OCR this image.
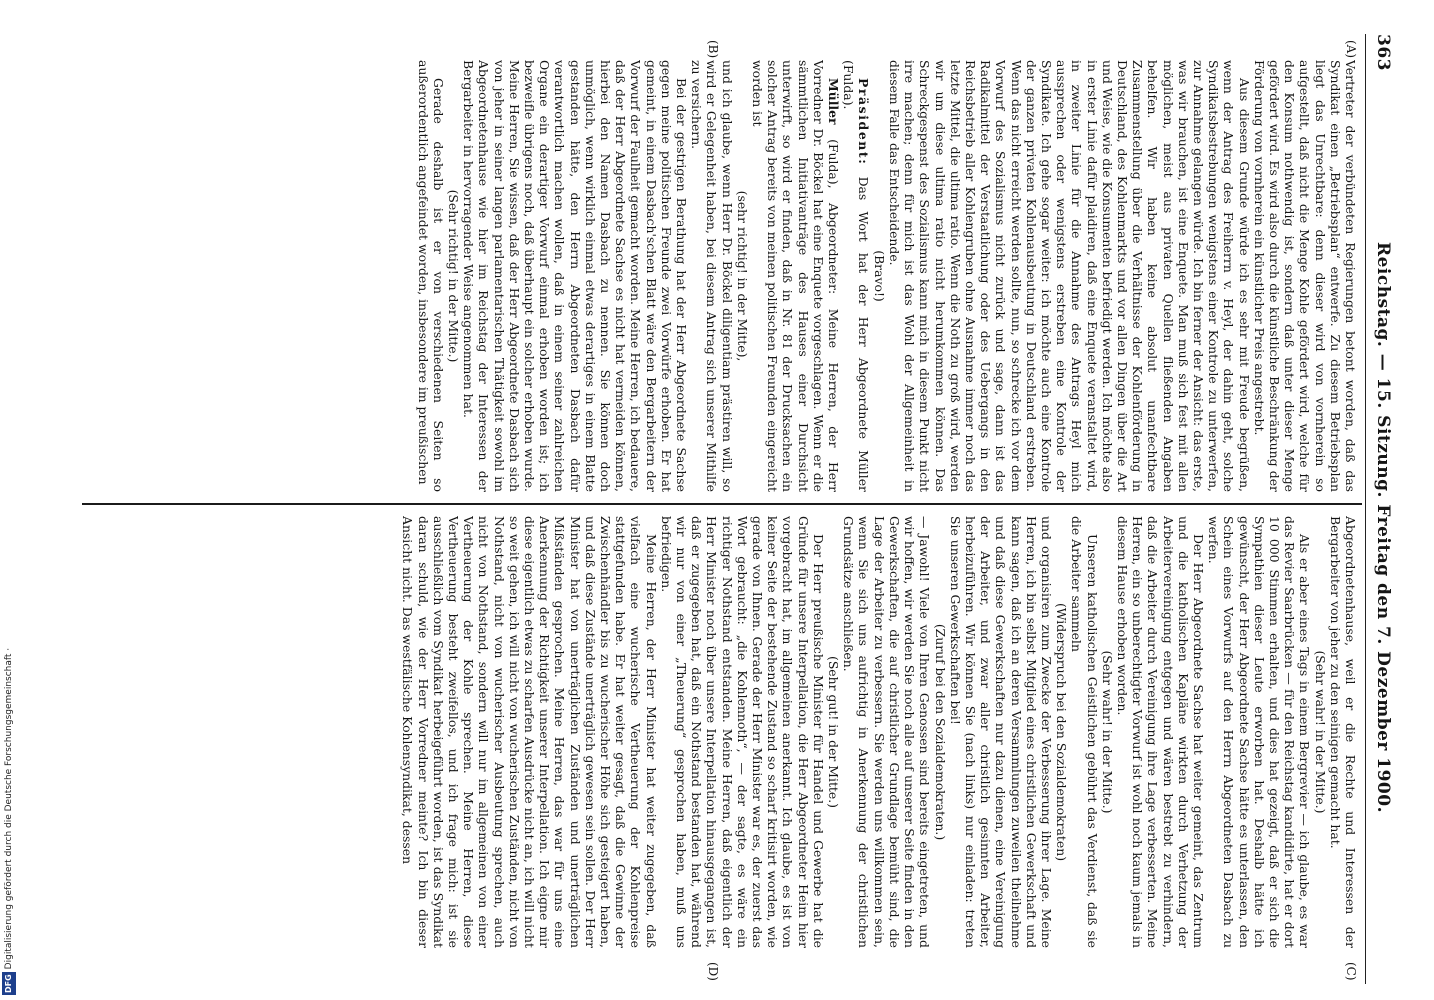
363
Reichstag. — 15. Sitzung. Freitag den 7. Dezember 1900.
(A)
(B)
(C)
(D)

Vertreter der verbündeten Regierungen betont worden, daß das Syndikat einen „Betriebsplan“ entwerfe. Zu diesem Betriebsplan liegt das Unrechtbare: denn dieser wird von vornherein so aufgestellt, daß nicht die Menge Kohle gefördert wird, welche für den Konsum nothwendig ist, sondern daß unter dieser Menge gefördert wird. Es wird also durch die künstliche Beschränkung der Förderung von vornherein ein künstlicher Preis angestrebt.

Aus diesem Grunde würde ich es sehr mit Freude begrüßen, wenn der Antrag des Freiherrn v. Heyl, der dahin geht, solche Syndikatsbestrebungen wenigstens einer Kontrole zu unterwerfen, zur Annahme gelangen würde. Ich bin ferner der Ansicht: das erste, was wir brauchen, ist eine Enquete. Man muß sich fest mit allen möglichen, meist aus privaten Quellen fließenden Angaben behelfen. Wir haben keine absolut unanfechtbare Zusammenstellung über die Verhältnisse der Kohlenförderung in Deutschland, des Kohlenmarkts und vor allen Dingen über die Art und Weise, wie die Konsumenten befriedigt werden. Ich möchte also in erster Linie dafür plaidiren, daß eine Enquete veranstaltet wird, in zweiter Linie für die Annahme des Antrags Heyl mich aussprechen oder wenigstens erstreben eine Kontrole der Syndikate. Ich gehe sogar weiter: ich möchte auch eine Kontrole der ganzen privaten Kohlenausbeutung in Deutschland erstreben. Wenn das nicht erreicht werden sollte, nun, so schrecke ich vor dem Vorwurf des Sozialismus nicht zurück und sage, dann ist das Radikalmittel der Verstaatlichung oder des Uebergangs in den Reichsbetrieb aller Kohlengruben ohne Ausnahme immer noch das letzte Mittel, die ultima ratio. Wenn die Noth zu groß wird, werden wir um diese ultima ratio nicht herumkommen können. Das Schreckgespenst des Sozialismus kann mich in diesem Punkt nicht irre machen; denn für mich ist das Wohl der Allgemeinheit in diesem Falle das Entscheidende.

(Bravo!)

Präsident: Das Wort hat der Herr Abgeordnete Müller (Fulda).

Müller (Fulda), Abgeordneter: Meine Herren, der Herr Vorredner Dr. Böckel hat eine Enquete vorgeschlagen. Wenn er die sämmtlichen Initiativanträge des Hauses einer Durchsicht unterwirft, so wird er finden, daß in Nr. 81 der Drucksachen ein solcher Antrag bereits von meinen politischen Freunden eingereicht worden ist

(sehr richtig! in der Mitte),

und ich glaube, wenn Herr Dr. Böckel diligentiam prästiren will, so wird er Gelegenheit haben, bei diesem Antrag sich unserer Mithilfe zu versichern.

Bei der gestrigen Berathung hat der Herr Abgeordnete Sachse gegen meine politischen Freunde zwei Vorwürfe erhoben. Er hat gemeint, in einem Dasbach'schen Blatt wäre den Bergarbeitern der Vorwurf der Faulheit gemacht worden. Meine Herren, ich bedauere, daß der Herr Abgeordnete Sachse es nicht hat vermeiden können, hierbei den Namen Dasbach zu nennen. Sie können doch unmöglich, wenn wirklich einmal etwas derartiges in einem Blatte gestanden hätte, den Herrn Abgeordneten Dasbach dafür verantwortlich machen wollen, daß in einem seiner zahlreichen Organe ein derartiger Vorwurf einmal erhoben worden ist; ich bezweifle übrigens noch, daß überhaupt ein solcher erhoben wurde. Meine Herren, Sie wissen, daß der Herr Abgeordnete Dasbach sich von jeher in seiner langen parlamentarischen Thätigkeit sowohl im Abgeordnetenhause wie hier im Reichstag der Interessen der Bergarbeiter in hervorragender Weise angenommen hat.

(Sehr richtig! in der Mitte.)

Gerade deshalb ist er von verschiedenen Seiten so außerordentlich angefeindet worden, insbesondere im preußischen

Abgeordnetenhause, weil er die Rechte und Interessen der Bergarbeiter von jeher zu den seinigen gemacht hat.

(Sehr wahr! in der Mitte.)

Als er aber eines Tags in einem Bergrevier — ich glaube, es war das Revier Saarbrücken — für den Reichstag kandidirte, hat er dort 10 000 Stimmen erhalten, und dies hat gezeigt, daß er sich die Sympathien dieser Leute erworben hat. Deshalb hätte ich gewünscht, der Herr Abgeordnete Sachse hätte es unterlassen, den Schein eines Vorwurfs auf den Herrn Abgeordneten Dasbach zu werfen.

Der Herr Abgeordnete Sachse hat weiter gemeint, das Zentrum und die katholischen Kapläne wirkten durch Verhetzung der Arbeitervereinigung entgegen und wären bestrebt zu verhindern, daß die Arbeiter durch Vereinigung ihre Lage verbesserten. Meine Herren, ein so unberechtigter Vorwurf ist wohl noch kaum jemals in diesem Hause erhoben worden.

(Sehr wahr! in der Mitte.)

Unseren katholischen Geistlichen gebührt das Verdienst, daß sie die Arbeiter sammeln

(Widerspruch bei den Sozialdemokraten)

und organisiren zum Zwecke der Verbesserung ihrer Lage. Meine Herren, ich bin selbst Mitglied eines christlichen Gewerkschaft und kann sagen, daß ich an deren Versammlungen zuweilen theilnehme und daß diese Gewerkschaften nur dazu dienen, eine Vereinigung der Arbeiter, und zwar aller christlich gesinnten Arbeiter, herbeizuführen. Wir können Sie (nach links) nur einladen: treten Sie unseren Gewerkschaften bei!

(Zuruf bei den Sozialdemokraten.)

— Jawohl! Viele von Ihren Genossen sind bereits eingetreten, und wir hoffen, wir werden Sie noch alle auf unserer Seite finden in den Gewerkschaften, die auf christlicher Grundlage bemüht sind, die Lage der Arbeiter zu verbessern. Sie werden uns willkommen sein, wenn Sie sich uns aufrichtig in Anerkennung der christlichen Grundsätze anschließen.

(Sehr gut! in der Mitte.)

Der Herr preußische Minister für Handel und Gewerbe hat die Gründe für unsere Interpellation, die Herr Abgeordneter Heim hier vorgebracht hat, im allgemeinen anerkannt. Ich glaube, es ist von keiner Seite der bestehende Zustand so scharf kritisirt worden, wie gerade von Ihnen. Gerade der Herr Minister war es, der zuerst das Wort gebraucht: „die Kohlennoth“, — der sagte, es wäre ein richtiger Nothstand entstanden. Meine Herren, daß eigentlich der Herr Minister noch über unsere Interpellation hinausgegangen ist, daß er zugegeben hat, daß ein Nothstand bestanden hat, während wir nur von einer „Theuerung“ gesprochen haben, muß uns befriedigen.

Meine Herren, der Herr Minister hat weiter zugegeben, daß vielfach eine wucherische Vertheuerung der Kohlenpreise stattgefunden habe. Er hat weiter gesagt, daß die Gewinne der Zwischenhändler bis zu wucherischer Höhe sich gesteigert haben, und daß diese Zustände unerträglich gewesen sein sollen. Der Herr Minister hat von unerträglichen Zuständen und unerträglichen Mißständen gesprochen. Meine Herren, das war für uns eine Anerkennung der Richtigkeit unserer Interpellation. Ich eigne mir diese eigentlich etwas zu scharfen Ausdrücke nicht an, ich will nicht so weit gehen, ich will nicht von wucherischen Zuständen, nicht von Nothstand, nicht von wucherischer Ausbeutung sprechen, auch nicht von Nothstand, sondern will nur im allgemeinen von einer Vertheuerung der Kohle sprechen. Meine Herren, diese Vertheuerung besteht zweifellos, und ich frage mich: ist sie ausschließlich vom Syndikat herbeigeführt worden, ist das Syndikat daran schuld, wie der Herr Vorredner meinte? Ich bin dieser Ansicht nicht. Das westfälische Kohlensyndikat, dessen

DFGDigitalisierung gefördert durch die Deutsche Forschungsgemeinschaft ·
